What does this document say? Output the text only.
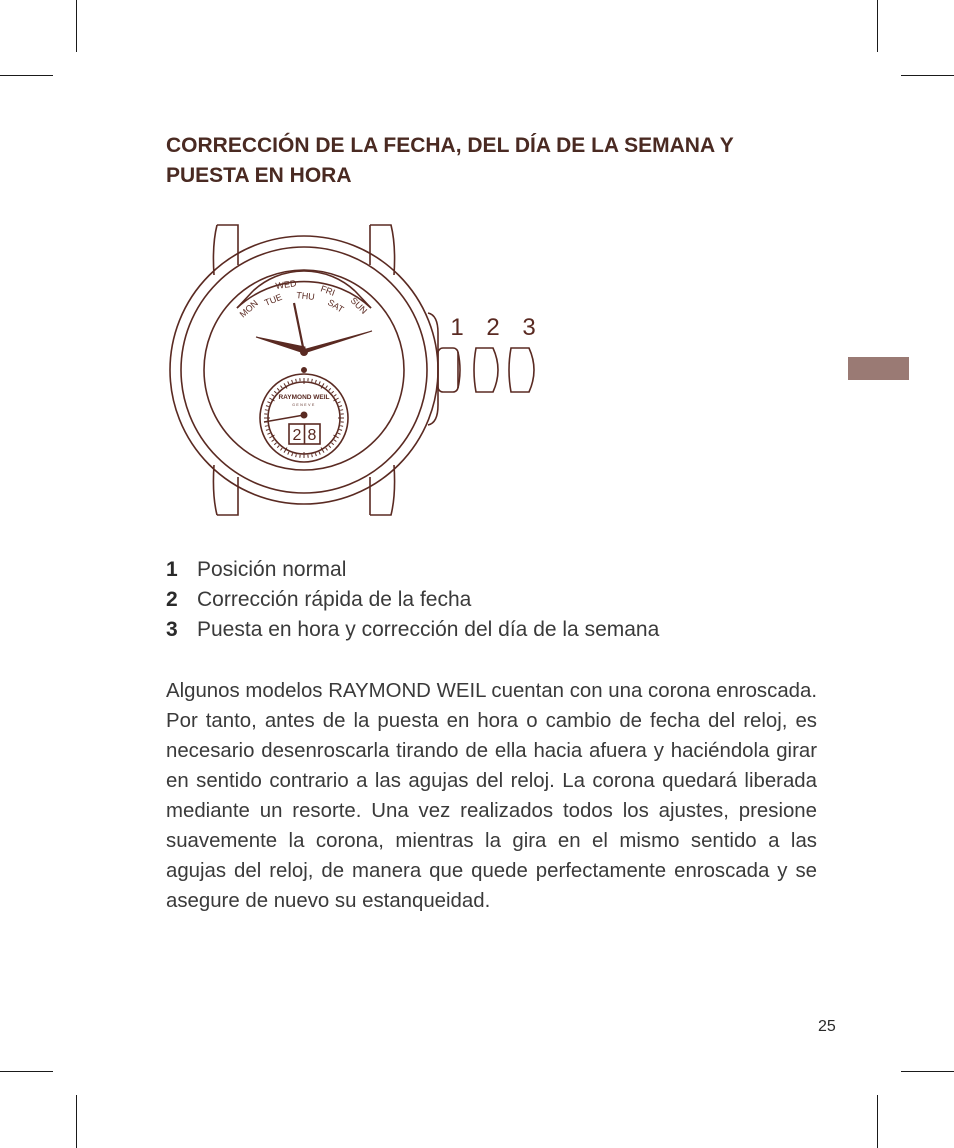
CORRECCIÓN DE LA FECHA, DEL DÍA DE LA SEMANA Y PUESTA EN HORA
MON TUE
WED
THU FRI
SAT SUN
RAYMOND WEIL
GENEVE
2 8
1 2 3
1 Posición normal
2 Corrección rápida de la fecha
3 Puesta en hora y corrección del día de la semana

Algunos modelos RAYMOND WEIL cuentan con una corona enroscada. Por tanto, antes de la puesta en hora o cambio de fecha del reloj, es necesario desenroscarla tirando de ella hacia afuera y haciéndola girar en sentido contrario a las agujas del reloj. La corona quedará liberada mediante un resorte. Una vez realizados todos los ajustes, presione suavemente la corona, mientras la gira en el mismo sentido a las agujas del reloj, de manera que quede perfectamente enroscada y se asegure de nuevo su estanqueidad.

25
